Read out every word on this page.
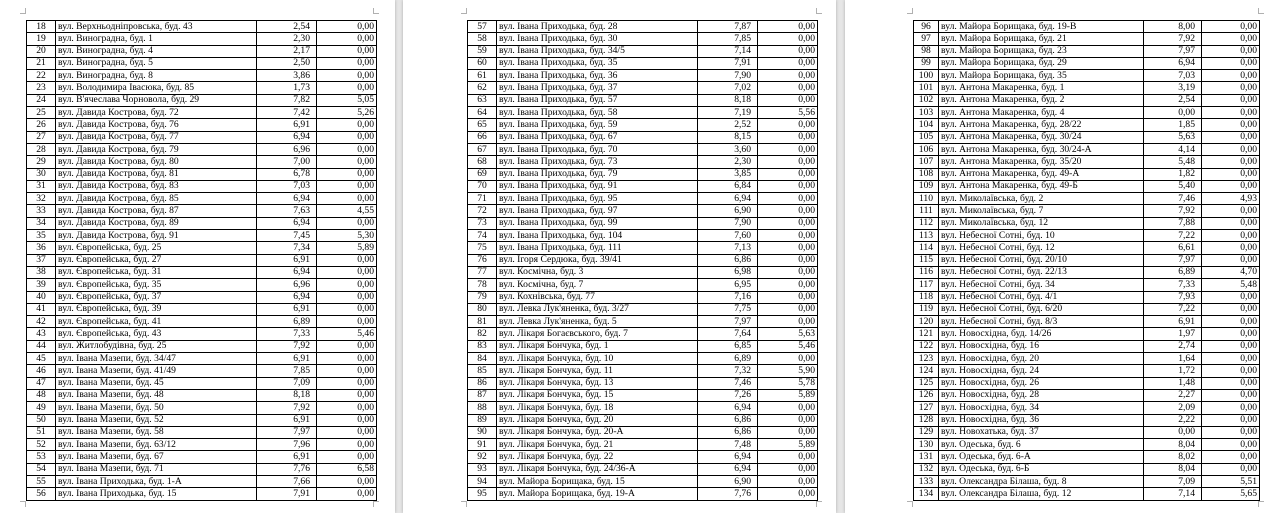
18	вул. Верхньодніпровська, буд. 43	2,54	0,00
19	вул. Виноградна, буд. 1	2,30	0,00
20	вул. Виноградна, буд. 4	2,17	0,00
21	вул. Виноградна, буд. 5	2,50	0,00
22	вул. Виноградна, буд. 8	3,86	0,00
23	вул. Володимира Івасюка, буд. 85	1,73	0,00
24	вул. В'ячеслава Чорновола, буд. 29	7,82	5,05
25	вул. Давида Кострова, буд. 72	7,42	5,26
26	вул. Давида Кострова, буд. 76	6,91	0,00
27	вул. Давида Кострова, буд. 77	6,94	0,00
28	вул. Давида Кострова, буд. 79	6,96	0,00
29	вул. Давида Кострова, буд. 80	7,00	0,00
30	вул. Давида Кострова, буд. 81	6,78	0,00
31	вул. Давида Кострова, буд. 83	7,03	0,00
32	вул. Давида Кострова, буд. 85	6,94	0,00
33	вул. Давида Кострова, буд. 87	7,63	4,55
34	вул. Давида Кострова, буд. 89	6,94	0,00
35	вул. Давида Кострова, буд. 91	7,45	5,30
36	вул. Європейська, буд. 25	7,34	5,89
37	вул. Європейська, буд. 27	6,91	0,00
38	вул. Європейська, буд. 31	6,94	0,00
39	вул. Європейська, буд. 35	6,96	0,00
40	вул. Європейська, буд. 37	6,94	0,00
41	вул. Європейська, буд. 39	6,91	0,00
42	вул. Європейська, буд. 41	6,89	0,00
43	вул. Європейська, буд. 43	7,33	5,46
44	вул. Житлобудівна, буд. 25	7,92	0,00
45	вул. Івана Мазепи, буд. 34/47	6,91	0,00
46	вул. Івана Мазепи, буд. 41/49	7,85	0,00
47	вул. Івана Мазепи, буд. 45	7,09	0,00
48	вул. Івана Мазепи, буд. 48	8,18	0,00
49	вул. Івана Мазепи, буд. 50	7,92	0,00
50	вул. Івана Мазепи, буд. 52	6,91	0,00
51	вул. Івана Мазепи, буд. 58	7,97	0,00
52	вул. Івана Мазепи, буд. 63/12	7,96	0,00
53	вул. Івана Мазепи, буд. 67	6,91	0,00
54	вул. Івана Мазепи, буд. 71	7,76	6,58
55	вул. Івана Приходька, буд. 1-А	7,66	0,00
56	вул. Івана Приходька, буд. 15	7,91	0,00
57	вул. Івана Приходька, буд. 28	7,87	0,00
58	вул. Івана Приходька, буд. 30	7,85	0,00
59	вул. Івана Приходька, буд. 34/5	7,14	0,00
60	вул. Івана Приходька, буд. 35	7,91	0,00
61	вул. Івана Приходька, буд. 36	7,90	0,00
62	вул. Івана Приходька, буд. 37	7,02	0,00
63	вул. Івана Приходька, буд. 57	8,18	0,00
64	вул. Івана Приходька, буд. 58	7,19	5,56
65	вул. Івана Приходька, буд. 59	2,52	0,00
66	вул. Івана Приходька, буд. 67	8,15	0,00
67	вул. Івана Приходька, буд. 70	3,60	0,00
68	вул. Івана Приходька, буд. 73	2,30	0,00
69	вул. Івана Приходька, буд. 79	3,85	0,00
70	вул. Івана Приходька, буд. 91	6,84	0,00
71	вул. Івана Приходька, буд. 95	6,94	0,00
72	вул. Івана Приходька, буд. 97	6,90	0,00
73	вул. Івана Приходька, буд. 99	7,90	0,00
74	вул. Івана Приходька, буд. 104	7,60	0,00
75	вул. Івана Приходька, буд. 111	7,13	0,00
76	вул. Ігоря Сердюка, буд. 39/41	6,86	0,00
77	вул. Космічна, буд. 3	6,98	0,00
78	вул. Космічна, буд. 7	6,95	0,00
79	вул. Кохнівська, буд. 77	7,16	0,00
80	вул. Левка Лук'яненка, буд. 3/27	7,75	0,00
81	вул. Левка Лук'яненка, буд. 5	7,97	0,00
82	вул. Лікаря Богаєвського, буд. 7	7,64	5,63
83	вул. Лікаря Бончука, буд. 1	6,85	5,46
84	вул. Лікаря Бончука, буд. 10	6,89	0,00
85	вул. Лікаря Бончука, буд. 11	7,32	5,90
86	вул. Лікаря Бончука, буд. 13	7,46	5,78
87	вул. Лікаря Бончука, буд. 15	7,26	5,89
88	вул. Лікаря Бончука, буд. 18	6,94	0,00
89	вул. Лікаря Бончука, буд. 20	6,86	0,00
90	вул. Лікаря Бончука, буд. 20-А	6,86	0,00
91	вул. Лікаря Бончука, буд. 21	7,48	5,89
92	вул. Лікаря Бончука, буд. 22	6,94	0,00
93	вул. Лікаря Бончука, буд. 24/36-А	6,94	0,00
94	вул. Майора Борищака, буд. 15	6,90	0,00
95	вул. Майора Борищака, буд. 19-А	7,76	0,00
96	вул. Майора Борищака, буд. 19-В	8,00	0,00
97	вул. Майора Борищака, буд. 21	7,92	0,00
98	вул. Майора Борищака, буд. 23	7,97	0,00
99	вул. Майора Борищака, буд. 29	6,94	0,00
100	вул. Майора Борищака, буд. 35	7,03	0,00
101	вул. Антона Макаренка, буд. 1	3,19	0,00
102	вул. Антона Макаренка, буд. 2	2,54	0,00
103	вул. Антона Макаренка, буд. 4	0,00	0,00
104	вул. Антона Макаренка, буд. 28/22	1,85	0,00
105	вул. Антона Макаренка, буд. 30/24	5,63	0,00
106	вул. Антона Макаренка, буд. 30/24-А	4,14	0,00
107	вул. Антона Макаренка, буд. 35/20	5,48	0,00
108	вул. Антона Макаренка, буд. 49-А	1,82	0,00
109	вул. Антона Макаренка, буд. 49-Б	5,40	0,00
110	вул. Миколаївська, буд. 2	7,46	4,93
111	вул. Миколаївська, буд. 7	7,92	0,00
112	вул. Миколаївська, буд. 12	7,88	0,00
113	вул. Небесної Сотні, буд. 10	7,22	0,00
114	вул. Небесної Сотні, буд. 12	6,61	0,00
115	вул. Небесної Сотні, буд. 20/10	7,97	0,00
116	вул. Небесної Сотні, буд. 22/13	6,89	4,70
117	вул. Небесної Сотні, буд. 34	7,33	5,48
118	вул. Небесної Сотні, буд. 4/1	7,93	0,00
119	вул. Небесної Сотні, буд. 6/20	7,22	0,00
120	вул. Небесної Сотні, буд. 8/3	6,91	0,00
121	вул. Новосхідна, буд. 14/26	1,97	0,00
122	вул. Новосхідна, буд. 16	2,74	0,00
123	вул. Новосхідна, буд. 20	1,64	0,00
124	вул. Новосхідна, буд. 24	1,72	0,00
125	вул. Новосхідна, буд. 26	1,48	0,00
126	вул. Новосхідна, буд. 28	2,27	0,00
127	вул. Новосхідна, буд. 34	2,09	0,00
128	вул. Новосхідна, буд. 36	2,22	0,00
129	вул. Новохатька, буд. 37	0,00	0,00
130	вул. Одеська, буд. 6	8,04	0,00
131	вул. Одеська, буд. 6-А	8,02	0,00
132	вул. Одеська, буд. 6-Б	8,04	0,00
133	вул. Олександра Білаша, буд. 8	7,09	5,51
134	вул. Олександра Білаша, буд. 12	7,14	5,65
